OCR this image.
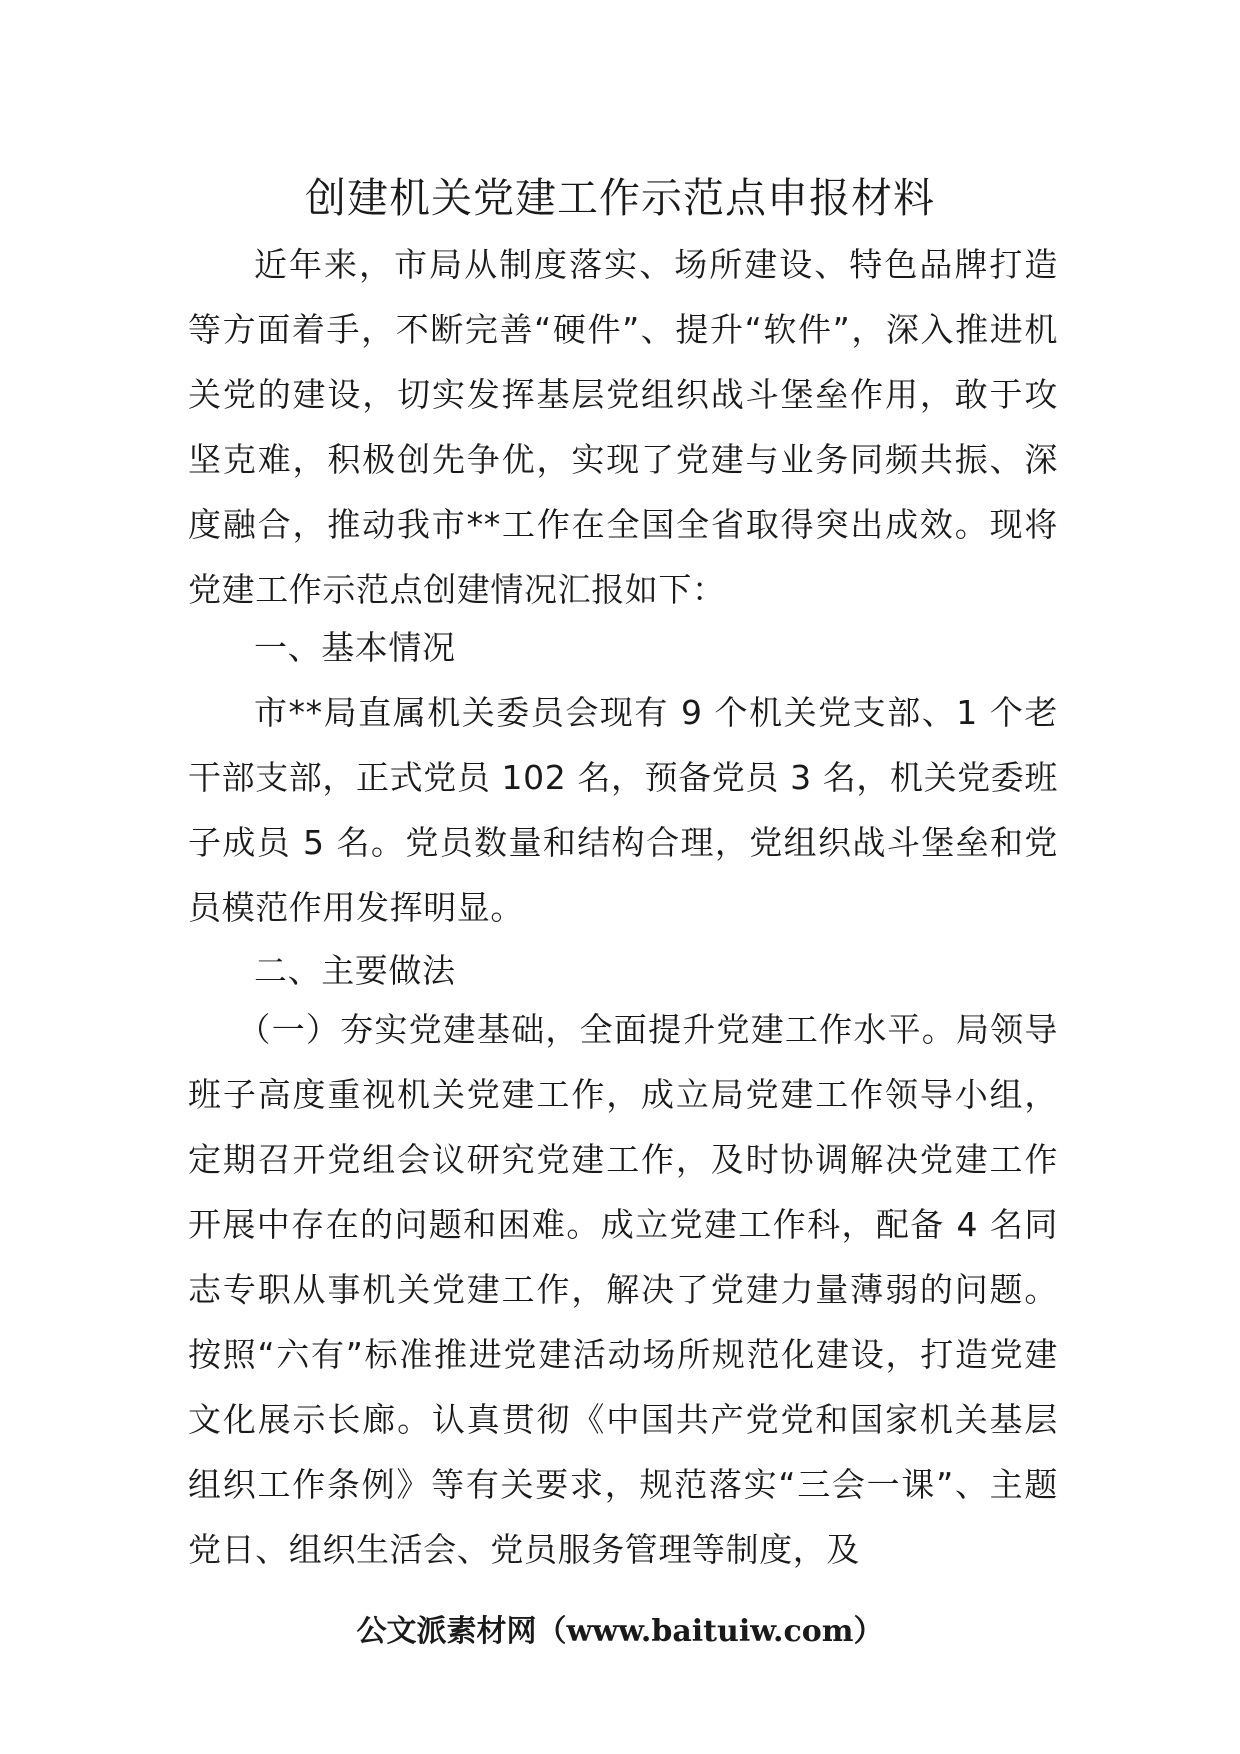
创建机关党建工作示范点申报材料

近年来，市局从制度落实、场所建设、特色品牌打造等方面着手，不断完善“硬件”、提升“软件”，深入推进机关党的建设，切实发挥基层党组织战斗堡垒作用，敢于攻坚克难，积极创先争优，实现了党建与业务同频共振、深度融合，推动我市**工作在全国全省取得突出成效。现将党建工作示范点创建情况汇报如下：

一、基本情况

市**局直属机关委员会现有 9 个机关党支部、1 个老干部支部，正式党员 102 名，预备党员 3 名，机关党委班子成员 5 名。党员数量和结构合理，党组织战斗堡垒和党员模范作用发挥明显。

二、主要做法

（一）夯实党建基础，全面提升党建工作水平。局领导班子高度重视机关党建工作，成立局党建工作领导小组，定期召开党组会议研究党建工作，及时协调解决党建工作开展中存在的问题和困难。成立党建工作科，配备 4 名同志专职从事机关党建工作，解决了党建力量薄弱的问题。按照“六有”标准推进党建活动场所规范化建设，打造党建文化展示长廊。认真贯彻《中国共产党党和国家机关基层组织工作条例》等有关要求，规范落实“三会一课”、主题党日、组织生活会、党员服务管理等制度，及

公文派素材网（www.baituiw.com）
